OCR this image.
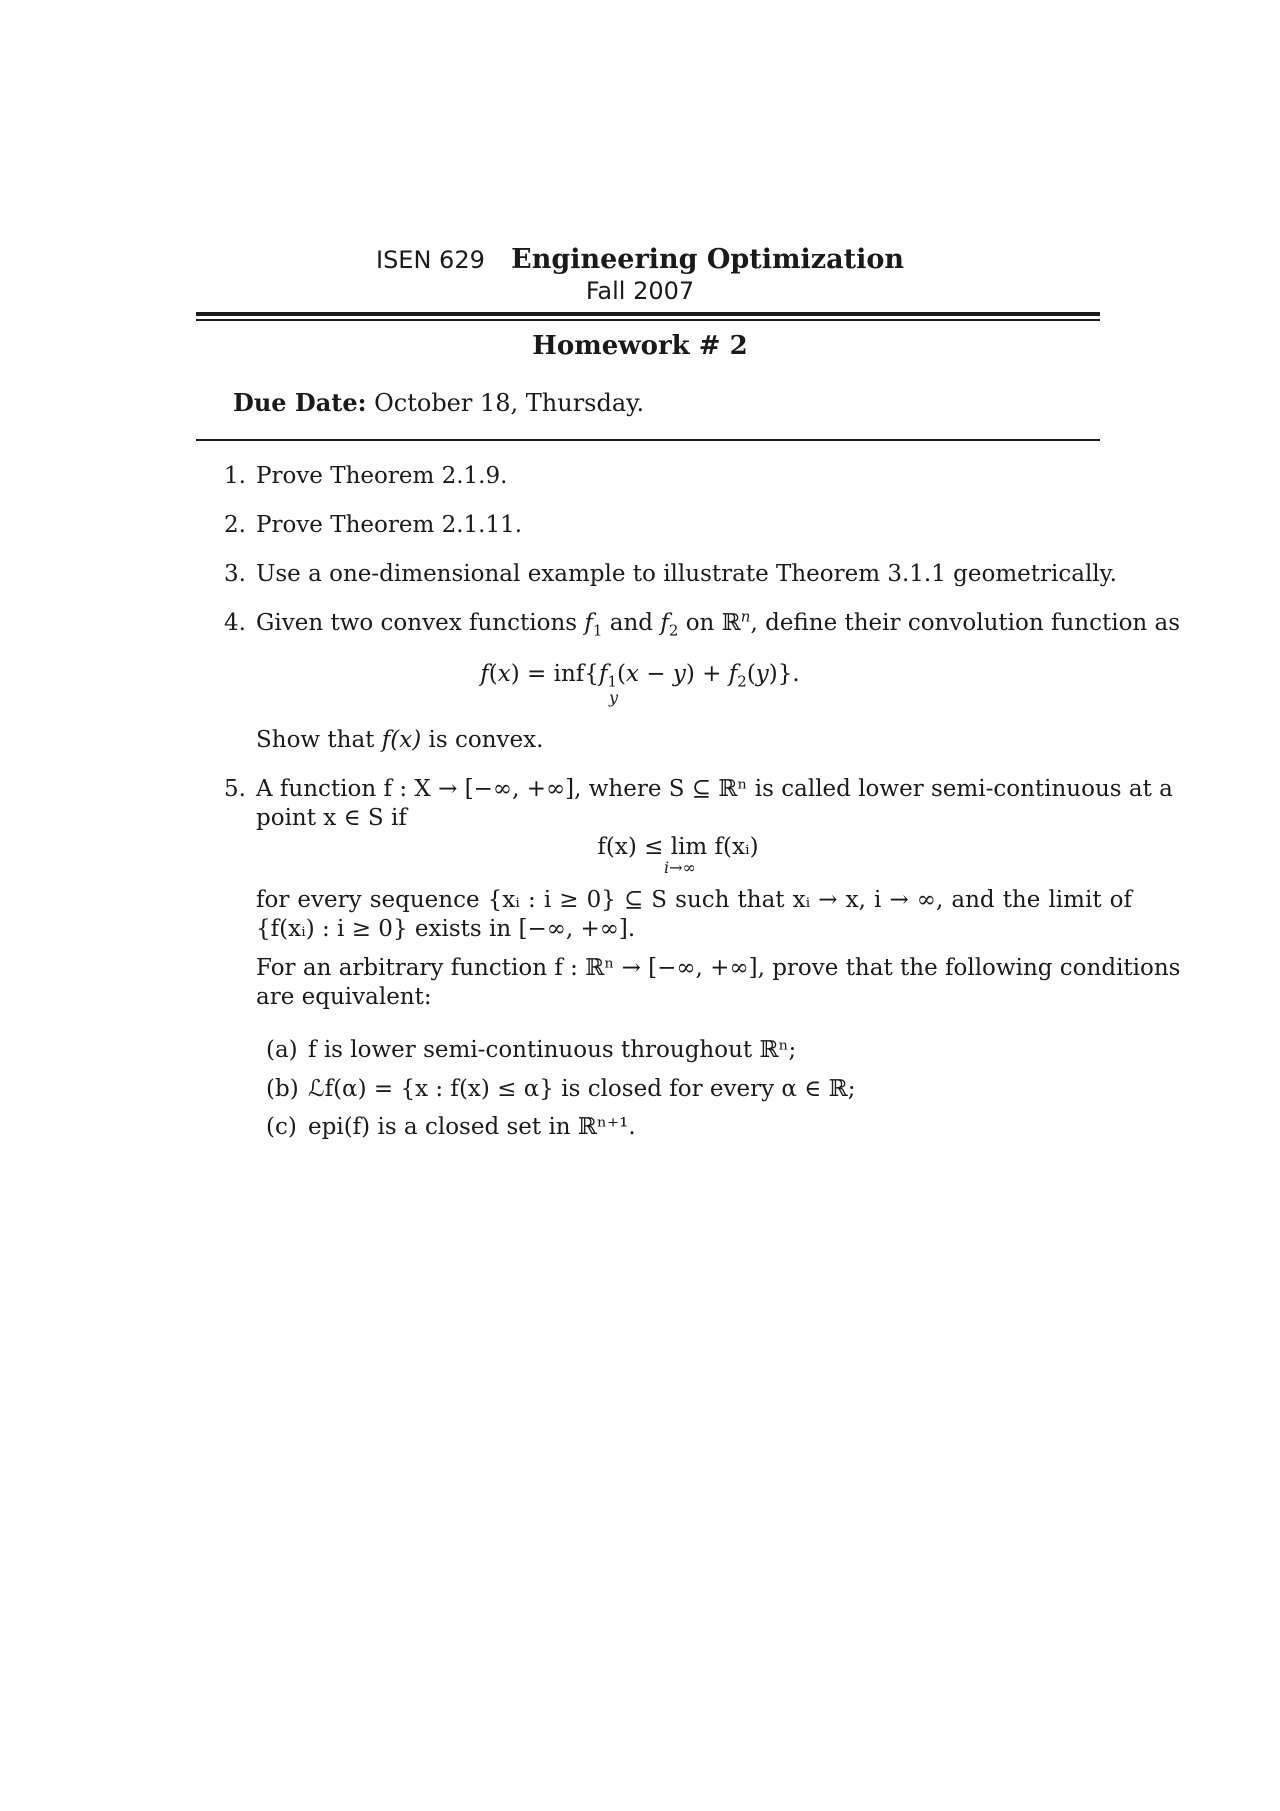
ISEN 629 Engineering Optimization
Fall 2007
Homework # 2
Due Date: October 18, Thursday.
1. Prove Theorem 2.1.9.
2. Prove Theorem 2.1.11.
3. Use a one-dimensional example to illustrate Theorem 3.1.1 geometrically.
4. Given two convex functions $f_1$ and $f_2$ on ℝ$^n$, define their convolution function as
$f(x) = inf\{f_1(x - y) + f_2(y)\}$.
y
Show that f(x) is convex.
5. A function f : X → [−∞, +∞], where S ⊆ ℝⁿ is called lower semi-continuous at a
point x ∈ S if
f(x) ≤ lim f(xᵢ)
i→∞
for every sequence {xᵢ : i ≥ 0} ⊆ S such that xᵢ → x, i → ∞, and the limit of
{f(xᵢ) : i ≥ 0} exists in [−∞, +∞].
For an arbitrary function f : ℝⁿ → [−∞, +∞], prove that the following conditions
are equivalent:
(a) f is lower semi-continuous throughout ℝⁿ;
(b) ℒf(α) = {x : f(x) ≤ α} is closed for every α ∈ ℝ;
(c) epi(f) is a closed set in ℝⁿ⁺¹.
